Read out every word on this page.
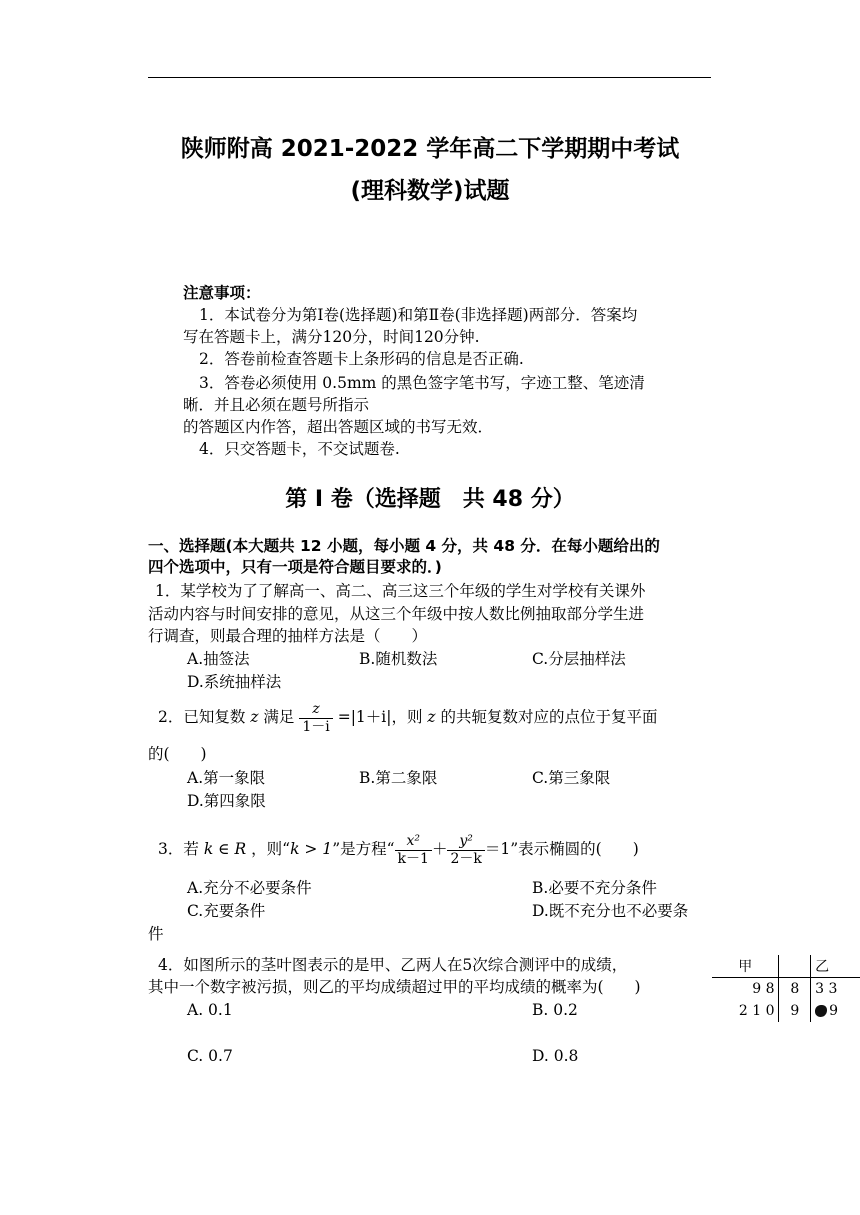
陕师附高 2021-2022 学年高二下学期期中考试
(理科数学)试题
注意事项：
1．本试卷分为第Ⅰ卷(选择题)和第Ⅱ卷(非选择题)两部分．答案均
写在答题卡上，满分120分，时间120分钟.
2．答卷前检查答题卡上条形码的信息是否正确.
3．答卷必须使用 0.5mm 的黑色签字笔书写，字迹工整、笔迹清
晰．并且必须在题号所指示
的答题区内作答，超出答题区域的书写无效．
4．只交答题卡，不交试题卷.
第 Ⅰ 卷（选择题　共 48 分）
一、选择题(本大题共 12 小题，每小题 4 分，共 48 分．在每小题给出的
四个选项中，只有一项是符合题目要求的．)
1．某学校为了了解高一、高二、高三这三个年级的学生对学校有关课外
活动内容与时间安排的意见，从这三个年级中按人数比例抽取部分学生进
行调查，则最合理的抽样方法是（　　）
A.抽签法	B.随机数法	C.分层抽样法
D.系统抽样法
2．已知复数 z 满足 $\frac{z}{1-i} =|1+i|$，则 z 的共轭复数对应的点位于复平面
的(　　)
A.第一象限	B.第二象限	C.第三象限
D.第四象限
3．若 k ∈ R ，则“k > 1”是方程“ $\frac{\text{x²}}{k-1} + \frac{\text{y²}}{2-k} =1$”表示椭圆的(　　)
A.充分不必要条件	B.必要不充分条件
C.充要条件	D.既不充分也不必要条
件
4．如图所示的茎叶图表示的是甲、乙两人在5次综合测评中的成绩，
其中一个数字被污损，则乙的平均成绩超过甲的平均成绩的概率为(　　)
A. 0.1	B. 0.2
C. 0.7	D. 0.8
甲		乙
9 8	8	3 3
2 1 0	9	9
